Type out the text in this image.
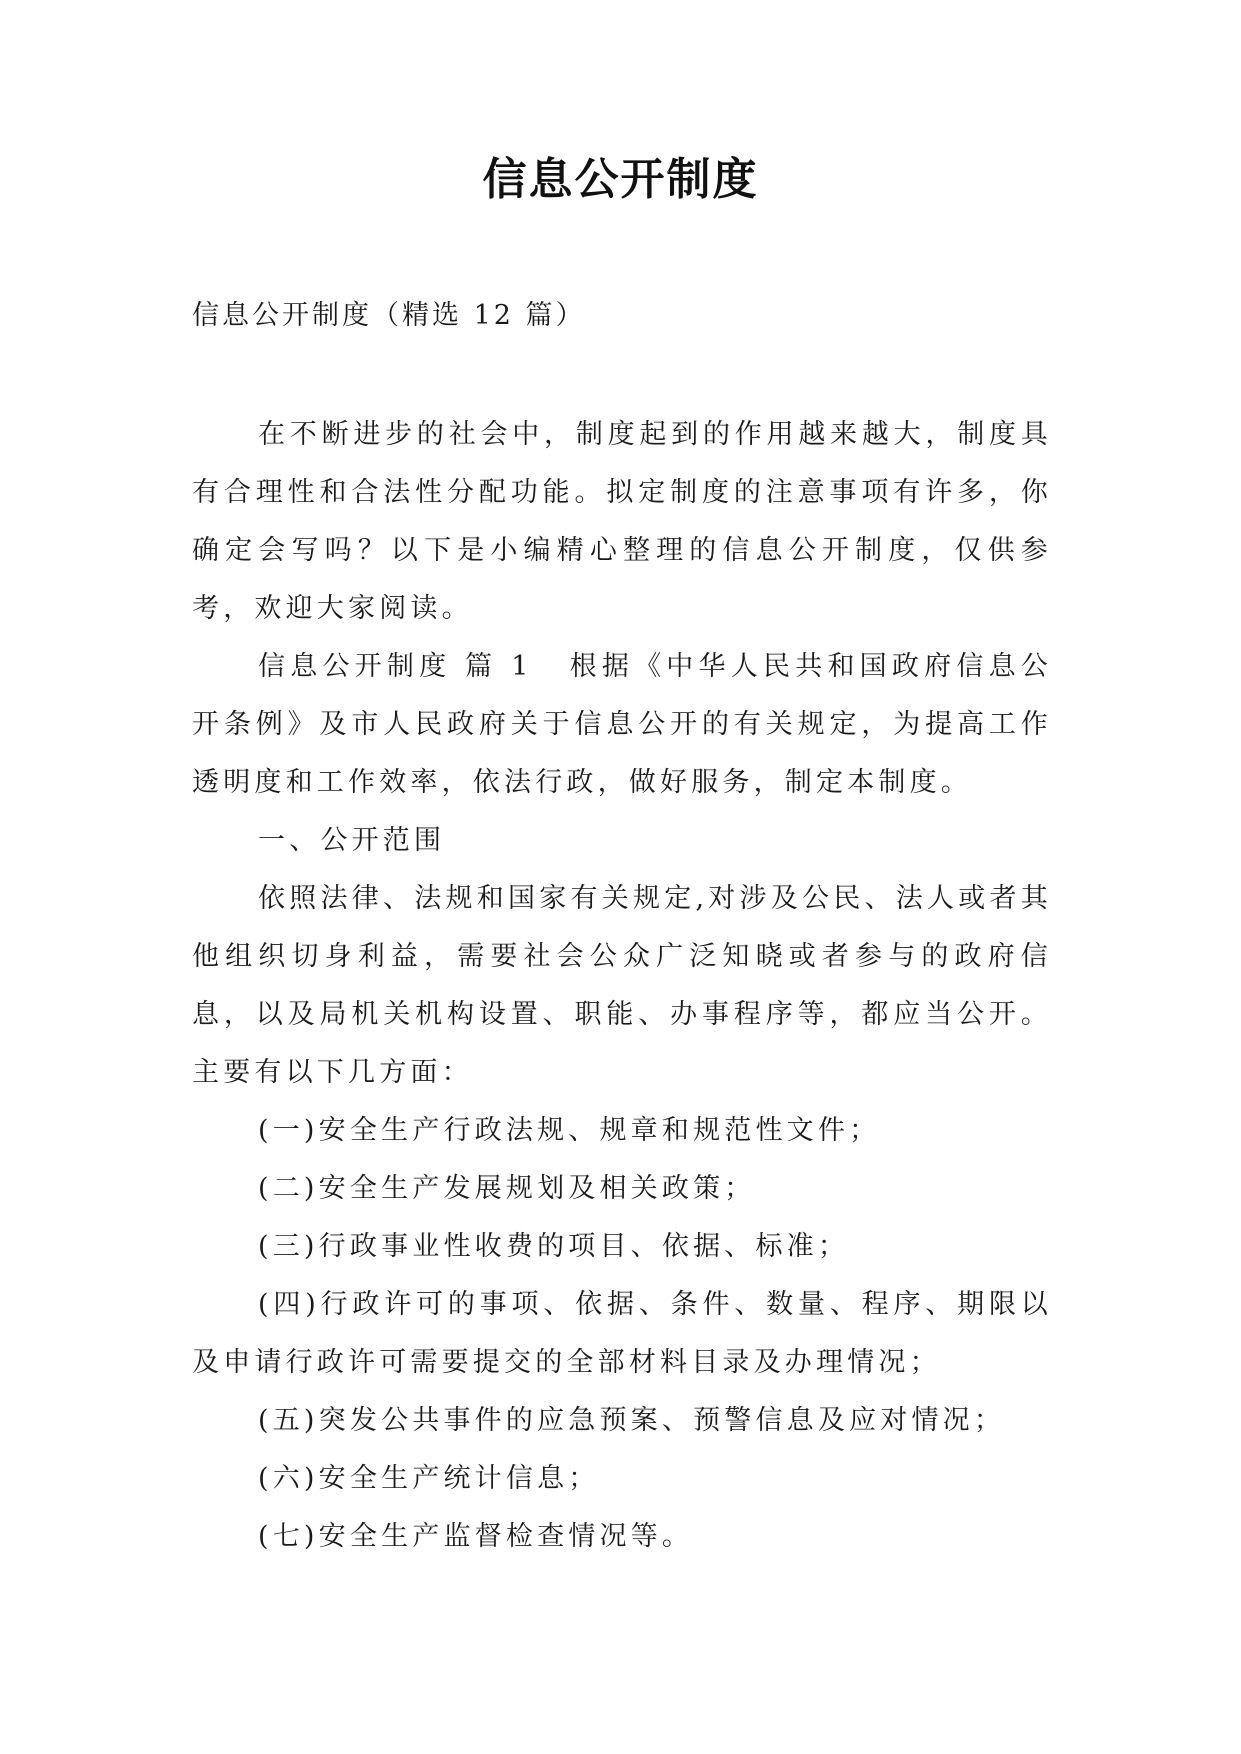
信息公开制度
信息公开制度（精选 12 篇）

在不断进步的社会中，制度起到的作用越来越大，制度具有合理性和合法性分配功能。拟定制度的注意事项有许多，你确定会写吗？以下是小编精心整理的信息公开制度，仅供参考，欢迎大家阅读。

信息公开制度 篇 1 根据《中华人民共和国政府信息公开条例》及市人民政府关于信息公开的有关规定，为提高工作透明度和工作效率，依法行政，做好服务，制定本制度。

一、公开范围

依照法律、法规和国家有关规定,对涉及公民、法人或者其他组织切身利益，需要社会公众广泛知晓或者参与的政府信息，以及局机关机构设置、职能、办事程序等，都应当公开。主要有以下几方面：

(一)安全生产行政法规、规章和规范性文件；

(二)安全生产发展规划及相关政策；

(三)行政事业性收费的项目、依据、标准；

(四)行政许可的事项、依据、条件、数量、程序、期限以及申请行政许可需要提交的全部材料目录及办理情况；

(五)突发公共事件的应急预案、预警信息及应对情况；

(六)安全生产统计信息；

(七)安全生产监督检查情况等。
